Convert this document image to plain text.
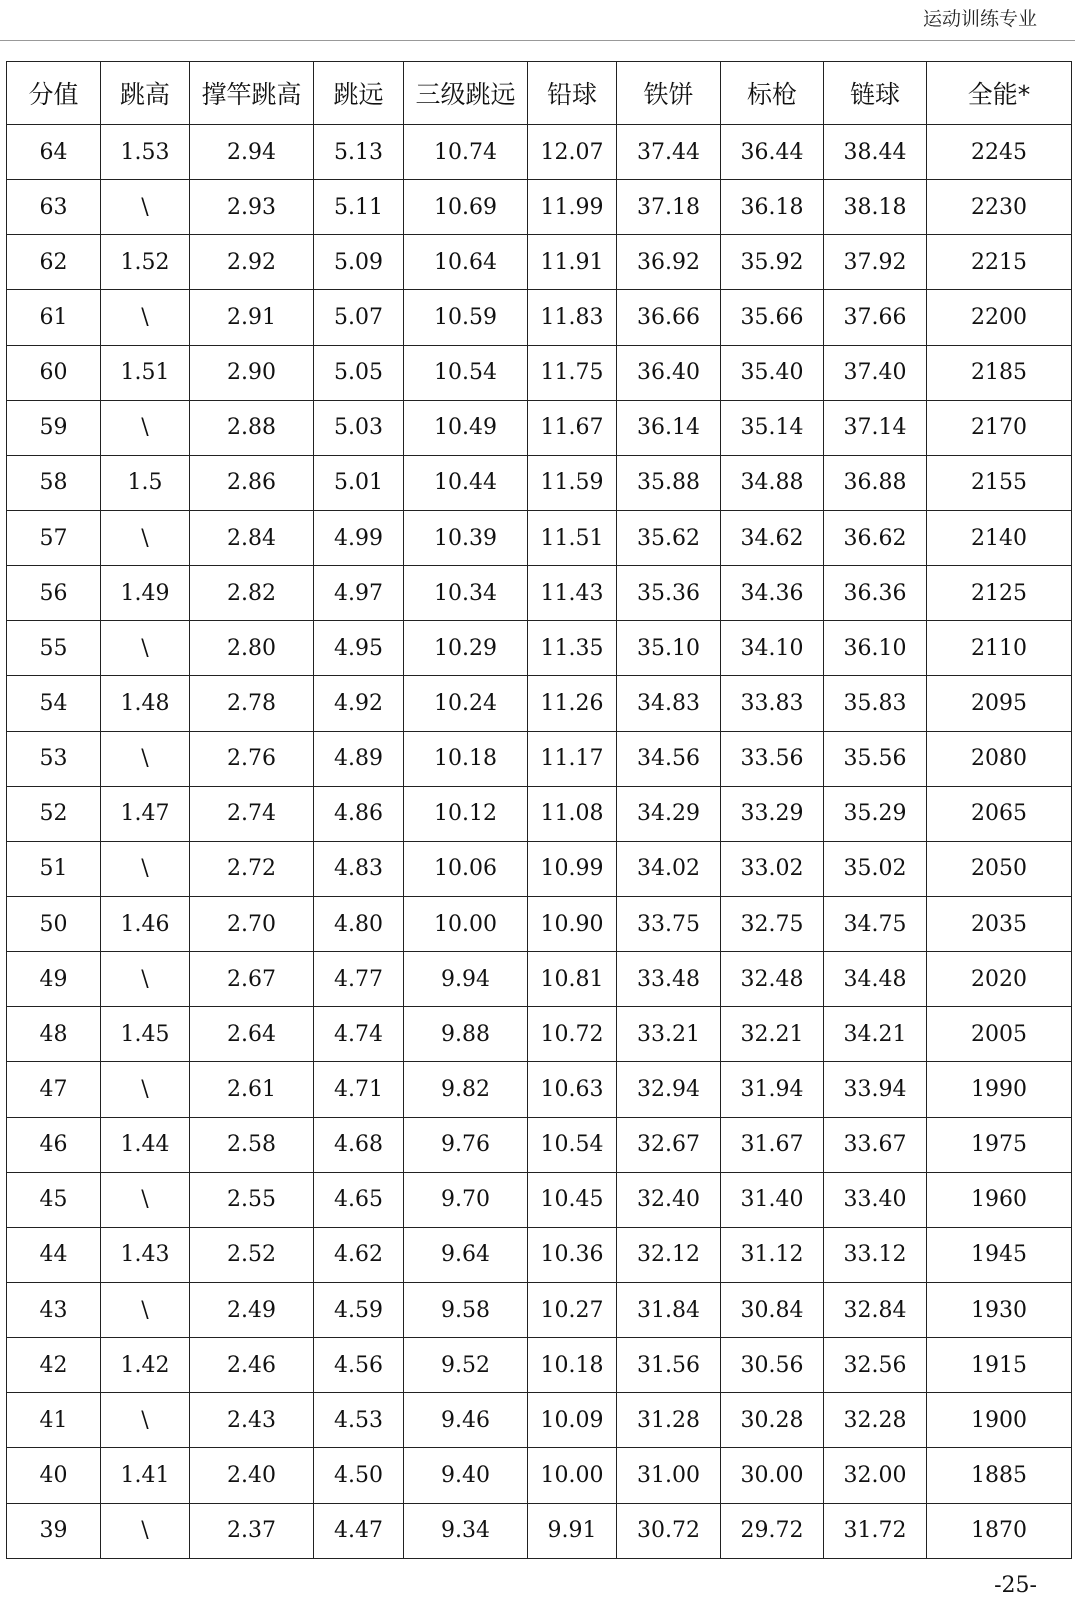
运动训练专业
分值	跳高	撑竿跳高	跳远	三级跳远	铅球	铁饼	标枪	链球	全能*
64	1.53	2.94	5.13	10.74	12.07	37.44	36.44	38.44	2245
63	\	2.93	5.11	10.69	11.99	37.18	36.18	38.18	2230
62	1.52	2.92	5.09	10.64	11.91	36.92	35.92	37.92	2215
61	\	2.91	5.07	10.59	11.83	36.66	35.66	37.66	2200
60	1.51	2.90	5.05	10.54	11.75	36.40	35.40	37.40	2185
59	\	2.88	5.03	10.49	11.67	36.14	35.14	37.14	2170
58	1.5	2.86	5.01	10.44	11.59	35.88	34.88	36.88	2155
57	\	2.84	4.99	10.39	11.51	35.62	34.62	36.62	2140
56	1.49	2.82	4.97	10.34	11.43	35.36	34.36	36.36	2125
55	\	2.80	4.95	10.29	11.35	35.10	34.10	36.10	2110
54	1.48	2.78	4.92	10.24	11.26	34.83	33.83	35.83	2095
53	\	2.76	4.89	10.18	11.17	34.56	33.56	35.56	2080
52	1.47	2.74	4.86	10.12	11.08	34.29	33.29	35.29	2065
51	\	2.72	4.83	10.06	10.99	34.02	33.02	35.02	2050
50	1.46	2.70	4.80	10.00	10.90	33.75	32.75	34.75	2035
49	\	2.67	4.77	9.94	10.81	33.48	32.48	34.48	2020
48	1.45	2.64	4.74	9.88	10.72	33.21	32.21	34.21	2005
47	\	2.61	4.71	9.82	10.63	32.94	31.94	33.94	1990
46	1.44	2.58	4.68	9.76	10.54	32.67	31.67	33.67	1975
45	\	2.55	4.65	9.70	10.45	32.40	31.40	33.40	1960
44	1.43	2.52	4.62	9.64	10.36	32.12	31.12	33.12	1945
43	\	2.49	4.59	9.58	10.27	31.84	30.84	32.84	1930
42	1.42	2.46	4.56	9.52	10.18	31.56	30.56	32.56	1915
41	\	2.43	4.53	9.46	10.09	31.28	30.28	32.28	1900
40	1.41	2.40	4.50	9.40	10.00	31.00	30.00	32.00	1885
39	\	2.37	4.47	9.34	9.91	30.72	29.72	31.72	1870
-25-
